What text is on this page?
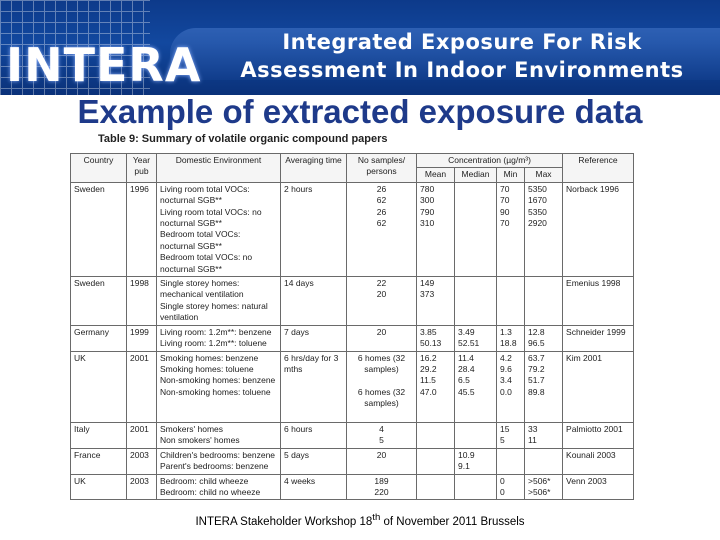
INTERA	Integrated Exposure For Risk
Assessment In Indoor Environments
Example of extracted exposure data
Table 9: Summary of volatile organic compound papers
Country	Year pub	Domestic Environment	Averaging time	No samples/ persons	Concentration (µg/m³)				Reference
					Mean	Median	Min	Max	
Sweden	1996	Living room total VOCs: nocturnal SGB**
Living room total VOCs: no nocturnal SGB**
Bedroom total VOCs: nocturnal SGB**
Bedroom total VOCs: no nocturnal SGB**	2 hours	26
62
26
62	780
300
790
310		70
70
90
70	5350
1670
5350
2920	Norback 1996
Sweden	1998	Single storey homes: mechanical ventilation
Single storey homes: natural ventilation	14 days	22
20	149
373				Emenius 1998
Germany	1999	Living room: 1.2m**: benzene
Living room: 1.2m**: toluene	7 days	20	3.85
50.13	3.49
52.51	1.3
18.8	12.8
96.5	Schneider 1999
UK	2001	Smoking homes: benzene
Smoking homes: toluene
Non-smoking homes: benzene
Non-smoking homes: toluene	6 hrs/day for 3 mths	6 homes (32 samples)

6 homes (32 samples)	16.2
29.2
11.5
47.0	11.4
28.4
6.5
45.5	4.2
9.6
3.4
0.0	63.7
79.2
51.7
89.8	Kim 2001
Italy	2001	Smokers' homes
Non smokers' homes	6 hours	4
5			15
5	33
11	Palmiotto 2001
France	2003	Children's bedrooms: benzene
Parent's bedrooms: benzene	5 days	20		10.9
9.1			Kounali 2003
UK	2003	Bedroom: child wheeze
Bedroom: child no wheeze	4 weeks	189
220			0
0	>506*
>506*	Venn 2003
INTERA Stakeholder Workshop 18th of November 2011 Brussels
